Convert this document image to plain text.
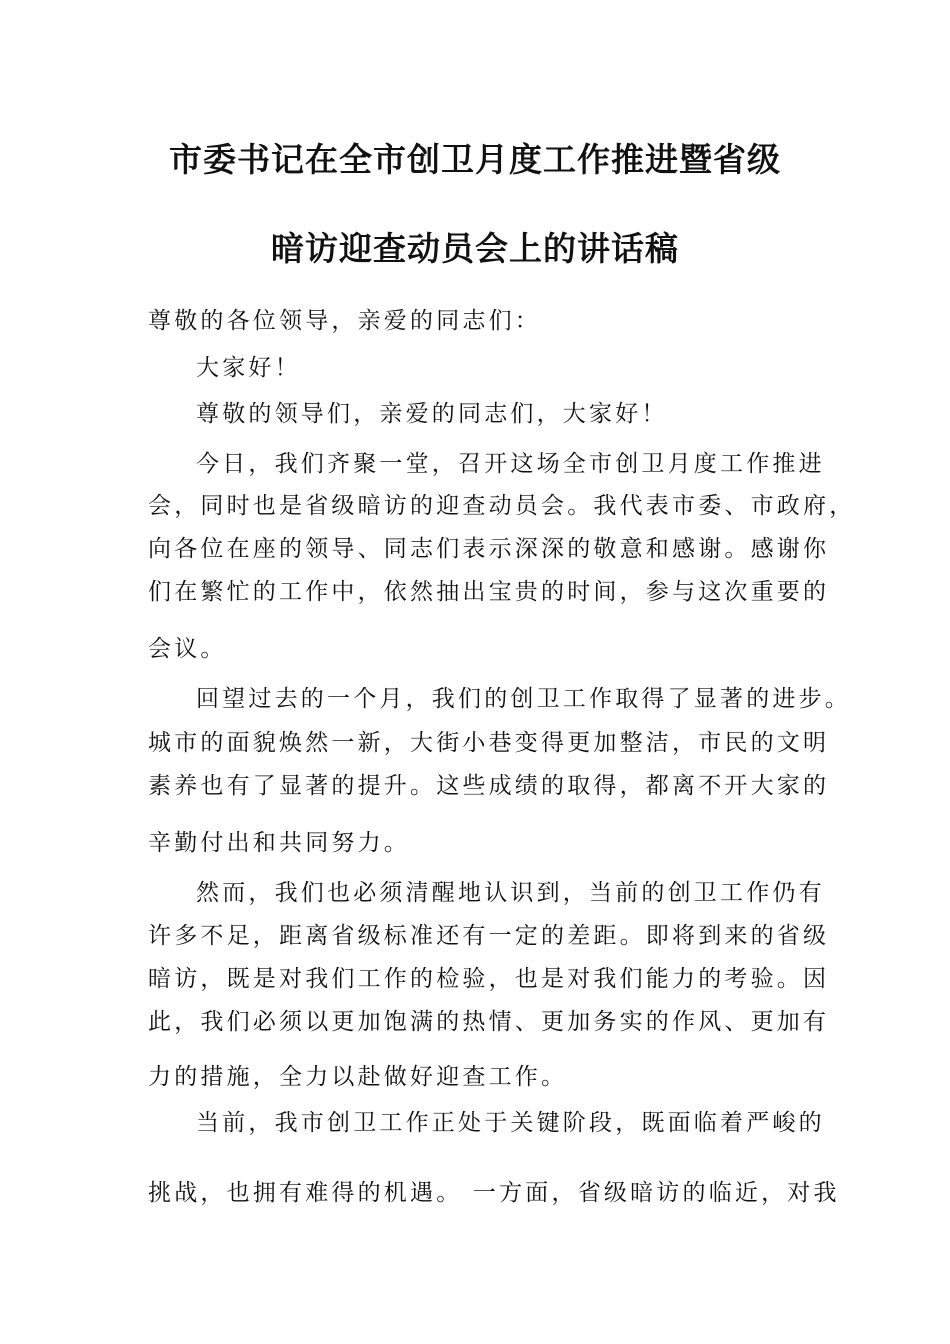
市委书记在全市创卫月度工作推进暨省级
暗访迎查动员会上的讲话稿
尊敬的各位领导，亲爱的同志们：
大家好！
尊敬的领导们，亲爱的同志们，大家好！
今日，我们齐聚一堂，召开这场全市创卫月度工作推进
会，同时也是省级暗访的迎查动员会。我代表市委、市政府，
向各位在座的领导、同志们表示深深的敬意和感谢。感谢你
们在繁忙的工作中，依然抽出宝贵的时间，参与这次重要的
会议。
回望过去的一个月，我们的创卫工作取得了显著的进步。
城市的面貌焕然一新，大街小巷变得更加整洁，市民的文明
素养也有了显著的提升。这些成绩的取得，都离不开大家的
辛勤付出和共同努力。
然而，我们也必须清醒地认识到，当前的创卫工作仍有
许多不足，距离省级标准还有一定的差距。即将到来的省级
暗访，既是对我们工作的检验，也是对我们能力的考验。因
此，我们必须以更加饱满的热情、更加务实的作风、更加有
力的措施，全力以赴做好迎查工作。
当前，我市创卫工作正处于关键阶段，既面临着严峻的
挑战，也拥有难得的机遇。 一方面，省级暗访的临近，对我
